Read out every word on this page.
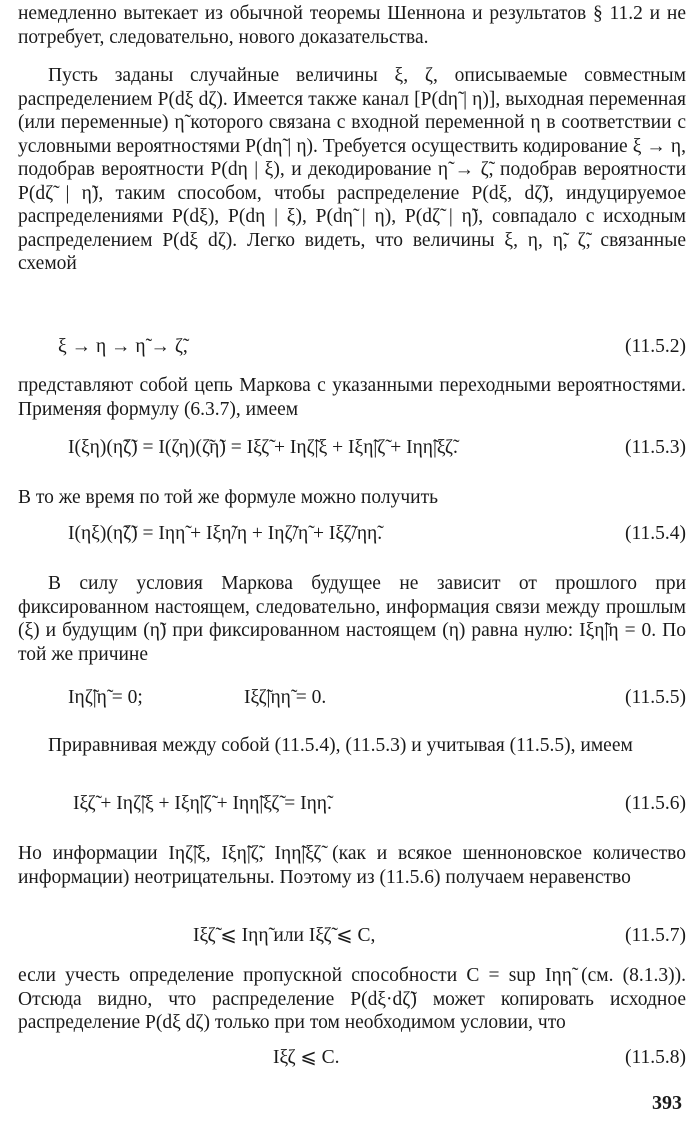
немедленно вытекает из обычной теоремы Шеннона и результатов § 11.2 и не потребует, следовательно, нового доказательства.
Пусть заданы случайные величины ξ, ζ, описываемые совместным распределением P(dξ dζ). Имеется также канал [P(dη̃ | η)], выходная переменная (или переменные) η̃ которого связана с входной переменной η в соответствии с условными вероятностями P(dη̃ | η). Требуется осуществить кодирование ξ → η, подобрав вероятности P(dη | ξ), и декодирование η̃ → ζ̃, подобрав вероятности P(dζ̃ | η̃), таким способом, чтобы распределение P(dξ, dζ̃), индуцируемое распределениями P(dξ), P(dη | ξ), P(dη̃ | η), P(dζ̃ | η̃), совпадало с исходным распределением P(dξ dζ). Легко видеть, что величины ξ, η, η̃, ζ̃, связанные схемой
ξ → η → η̃ → ζ̃,	(11.5.2)
представляют собой цепь Маркова с указанными переходными вероятностями. Применяя формулу (6.3.7), имеем
I(ξη)(η̃ζ̃) = I(ζη)(ζ̃η̃) = Iξζ̃ + Iηζ̃|ξ + Iξη̃|ζ̃ + Iηη̃|ξζ̃.	(11.5.3)
В то же время по той же формуле можно получить
I(ηξ)(η̃ζ̃) = Iηη̃ + Iξη̃/η + Iηζ̃/η̃ + Iξζ̃/ηη̃.	(11.5.4)
В силу условия Маркова будущее не зависит от прошлого при фиксированном настоящем, следовательно, информация связи между прошлым (ξ) и будущим (η̃) при фиксированном настоящем (η) равна нулю: Iξη̃|η = 0. По той же причине
Iηζ̃|η̃ = 0;	Iξζ̃|ηη̃ = 0.	(11.5.5)
Приравнивая между собой (11.5.4), (11.5.3) и учитывая (11.5.5), имеем
Iξζ̃ + Iηζ̃|ξ + Iξη̃|ζ̃ + Iηη̃|ξζ̃ = Iηη̃.	(11.5.6)
Но информации Iηζ̃|ξ, Iξη̃|ζ̃, Iηη̃|ξζ̃ (как и всякое шенноновское количество информации) неотрицательны. Поэтому из (11.5.6) получаем неравенство
Iξζ̃ ⩽ Iηη̃ или Iξζ̃ ⩽ C,	(11.5.7)
если учесть определение пропускной способности C = sup Iηη̃ (см. (8.1.3)). Отсюда видно, что распределение P(dξ·dζ̃) может копировать исходное распределение P(dξ dζ) только при том необходимом условии, что
Iξζ ⩽ C.	(11.5.8)
393
